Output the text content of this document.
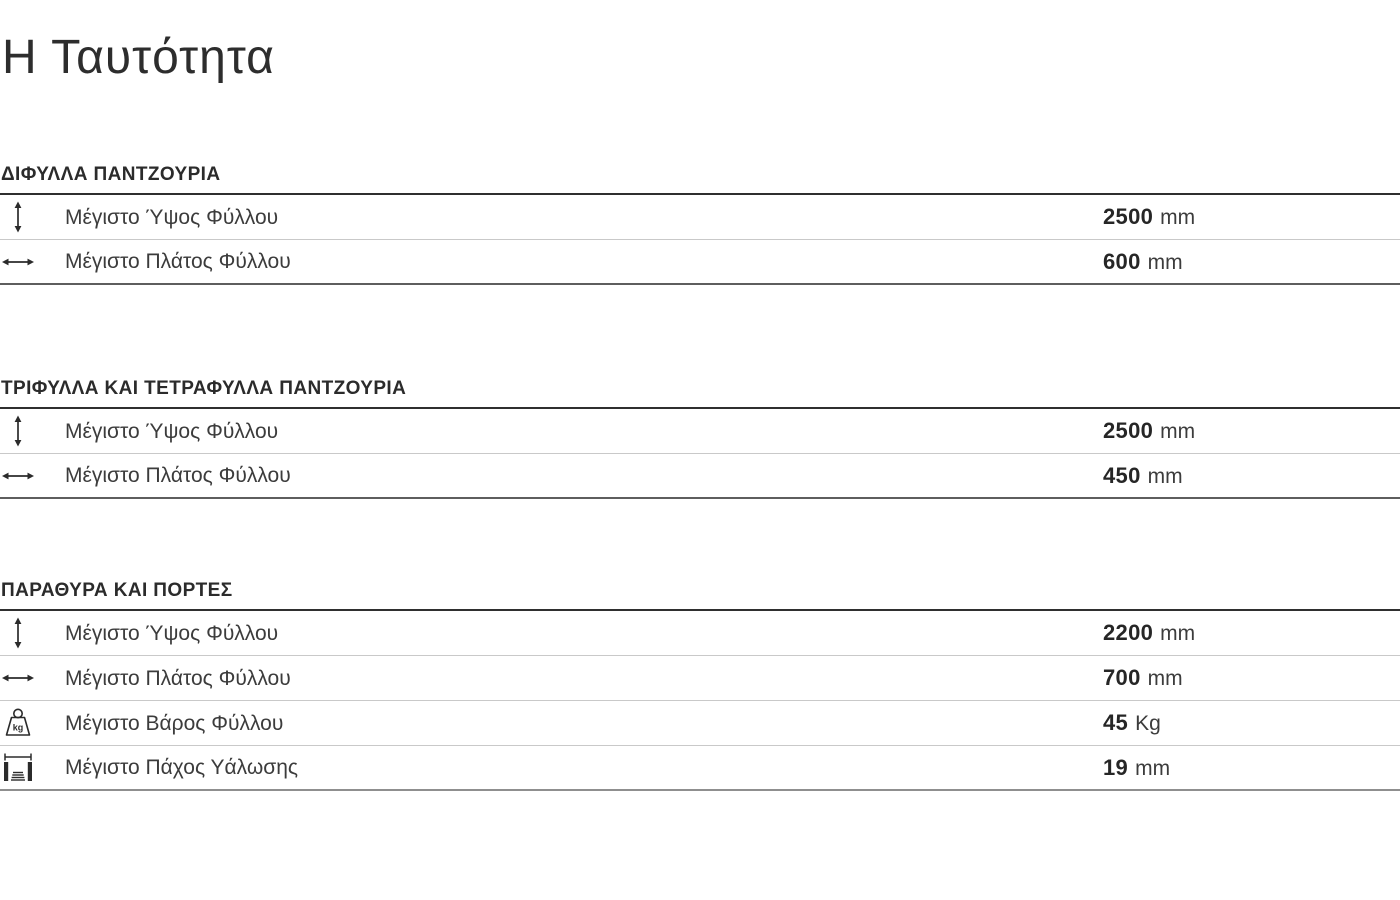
Η Ταυτότητα
ΔΙΦΥΛΛΑ ΠΑΝΤΖΟΥΡΙΑ
Μέγιστο Ύψος Φύλλου	2500 mm
Μέγιστο Πλάτος Φύλλου	600 mm
ΤΡΙΦΥΛΛΑ ΚΑΙ ΤΕΤΡΑΦΥΛΛΑ ΠΑΝΤΖΟΥΡΙΑ
Μέγιστο Ύψος Φύλλου	2500 mm
Μέγιστο Πλάτος Φύλλου	450 mm
ΠΑΡΑΘΥΡΑ ΚΑΙ ΠΟΡΤΕΣ
Μέγιστο Ύψος Φύλλου	2200 mm
Μέγιστο Πλάτος Φύλλου	700 mm
kg Μέγιστο Βάρος Φύλλου	45 Kg
Μέγιστο Πάχος Υάλωσης	19 mm
